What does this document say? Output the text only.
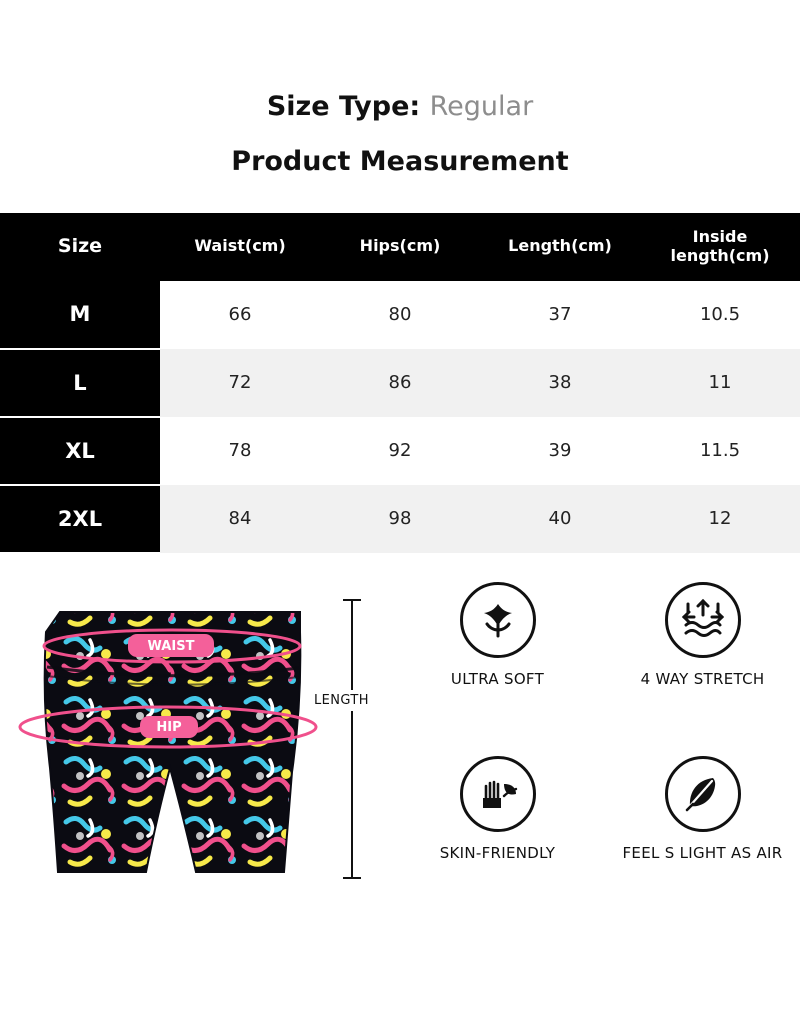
Size Type: Regular
Product Measurement
Size	Waist(cm)	Hips(cm)	Length(cm)	Inside length(cm)
M	66	80	37	10.5
L	72	86	38	11
XL	78	92	39	11.5
2XL	84	98	40	12
WAIST
HIP
LENGTH
ULTRA SOFT	4 WAY STRETCH
SKIN-FRIENDLY	FEEL S LIGHT AS AIR
